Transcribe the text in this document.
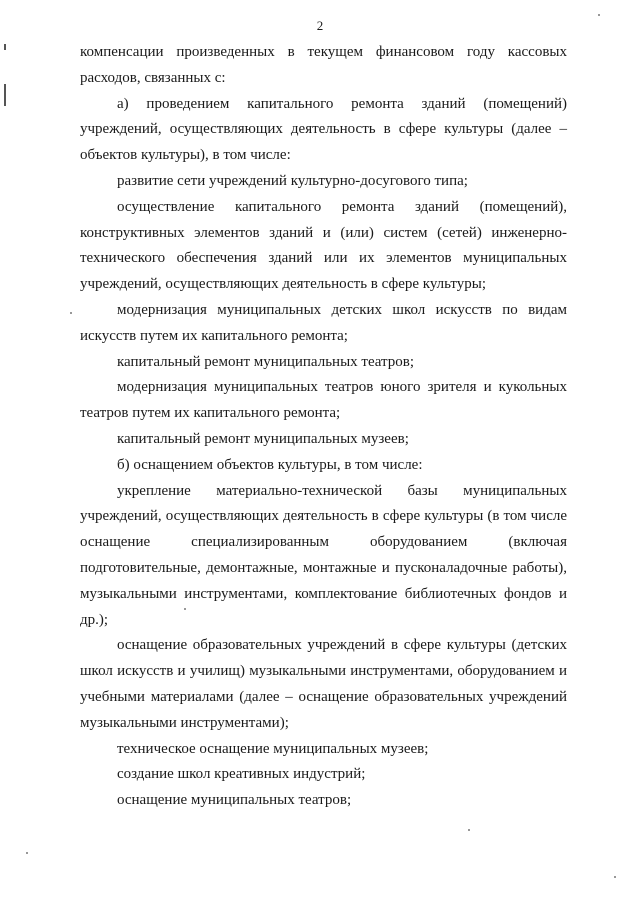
2

компенсации произведенных в текущем финансовом году кассовых расходов, связанных с:

а) проведением капитального ремонта зданий (помещений) учреждений, осуществляющих деятельность в сфере культуры (далее – объектов культуры), в том числе:

развитие сети учреждений культурно-досугового типа;

осуществление капитального ремонта зданий (помещений), конструктивных элементов зданий и (или) систем (сетей) инженерно-технического обеспечения зданий или их элементов муниципальных учреждений, осуществляющих деятельность в сфере культуры;

модернизация муниципальных детских школ искусств по видам искусств путем их капитального ремонта;

капитальный ремонт муниципальных театров;

модернизация муниципальных театров юного зрителя и кукольных театров путем их капитального ремонта;

капитальный ремонт муниципальных музеев;

б) оснащением объектов культуры, в том числе:

укрепление материально-технической базы муниципальных учреждений, осуществляющих деятельность в сфере культуры (в том числе оснащение специализированным оборудованием (включая подготовительные, демонтажные, монтажные и пусконаладочные работы), музыкальными инструментами, комплектование библиотечных фондов и др.);

оснащение образовательных учреждений в сфере культуры (детских школ искусств и училищ) музыкальными инструментами, оборудованием и учебными материалами (далее – оснащение образовательных учреждений музыкальными инструментами);

техническое оснащение муниципальных музеев;

создание школ креативных индустрий;

оснащение муниципальных театров;
